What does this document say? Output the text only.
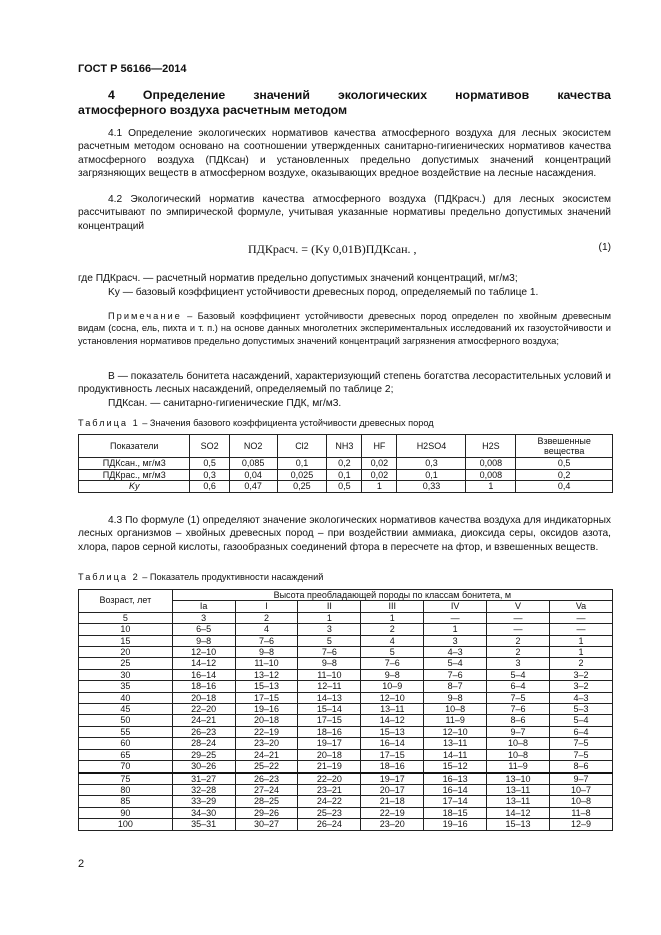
ГОСТ Р 56166—2014
4 Определение значений экологических нормативов качества
атмосферного воздуха расчетным методом
4.1 Определение экологических нормативов качества атмосферного воздуха для лесных экосистем расчетным методом основано на соотношении утвержденных санитарно-гигиенических нормативов качества атмосферного воздуха (ПДКсан) и установленных предельно допустимых значений концентраций загрязняющих веществ в атмосферном воздухе, оказывающих вредное воздействие на лесные насаждения.
4.2 Экологический норматив качества атмосферного воздуха (ПДКрасч.) для лесных экосистем рассчитывают по эмпирической формуле, учитывая указанные нормативы предельно допустимых значений концентраций
ПДКрасч. = (Kу 0,01B)ПДКсан. ,	(1)
где ПДКрасч. — расчетный норматив предельно допустимых значений концентраций, мг/м3;
Kу — базовый коэффициент устойчивости древесных пород, определяемый по таблице 1.
Примечание – Базовый коэффициент устойчивости древесных пород определен по хвойным древесным видам (сосна, ель, пихта и т. п.) на основе данных многолетних экспериментальных исследований их газоустойчивости и установления нормативов предельно допустимых значений концентраций загрязнения атмосферного воздуха;
B — показатель бонитета насаждений, характеризующий степень богатства лесорастительных условий и продуктивность лесных насаждений, определяемый по таблице 2;
ПДКсан. — санитарно-гигиенические ПДК, мг/м3.
Таблица 1 – Значения базового коэффициента устойчивости древесных пород
Показатели	SO2	NO2	Cl2	NH3	HF	H2SO4	H2S	Взвешенные вещества
ПДКсан., мг/м3	0,5	0,085	0,1	0,2	0,02	0,3	0,008	0,5
ПДКрас., мг/м3	0,3	0,04	0,025	0,1	0,02	0,1	0,008	0,2
Kу	0,6	0,47	0,25	0,5	1	0,33	1	0,4
4.3 По формуле (1) определяют значение экологических нормативов качества воздуха для индикаторных лесных организмов – хвойных древесных пород – при воздействии аммиака, диоксида серы, оксидов азота, хлора, паров серной кислоты, газообразных соединений фтора в пересчете на фтор, и взвешенных веществ.
Таблица 2 – Показатель продуктивности насаждений
Возраст, лет	Высота преобладающей породы по классам бонитета, м						
	Ia	I	II	III	IV	V	Va
5	3	2	1	1	—	—	—
10	6–5	4	3	2	1	—	—
15	9–8	7–6	5	4	3	2	1
20	12–10	9–8	7–6	5	4–3	2	1
25	14–12	11–10	9–8	7–6	5–4	3	2
30	16–14	13–12	11–10	9–8	7–6	5–4	3–2
35	18–16	15–13	12–11	10–9	8–7	6–4	3–2
40	20–18	17–15	14–13	12–10	9–8	7–5	4–3
45	22–20	19–16	15–14	13–11	10–8	7–6	5–3
50	24–21	20–18	17–15	14–12	11–9	8–6	5–4
55	26–23	22–19	18–16	15–13	12–10	9–7	6–4
60	28–24	23–20	19–17	16–14	13–11	10–8	7–5
65	29–25	24–21	20–18	17–15	14–11	10–8	7–5
70	30–26	25–22	21–19	18–16	15–12	11–9	8–6
75	31–27	26–23	22–20	19–17	16–13	13–10	9–7
80	32–28	27–24	23–21	20–17	16–14	13–11	10–7
85	33–29	28–25	24–22	21–18	17–14	13–11	10–8
90	34–30	29–26	25–23	22–19	18–15	14–12	11–8
100	35–31	30–27	26–24	23–20	19–16	15–13	12–9
2
